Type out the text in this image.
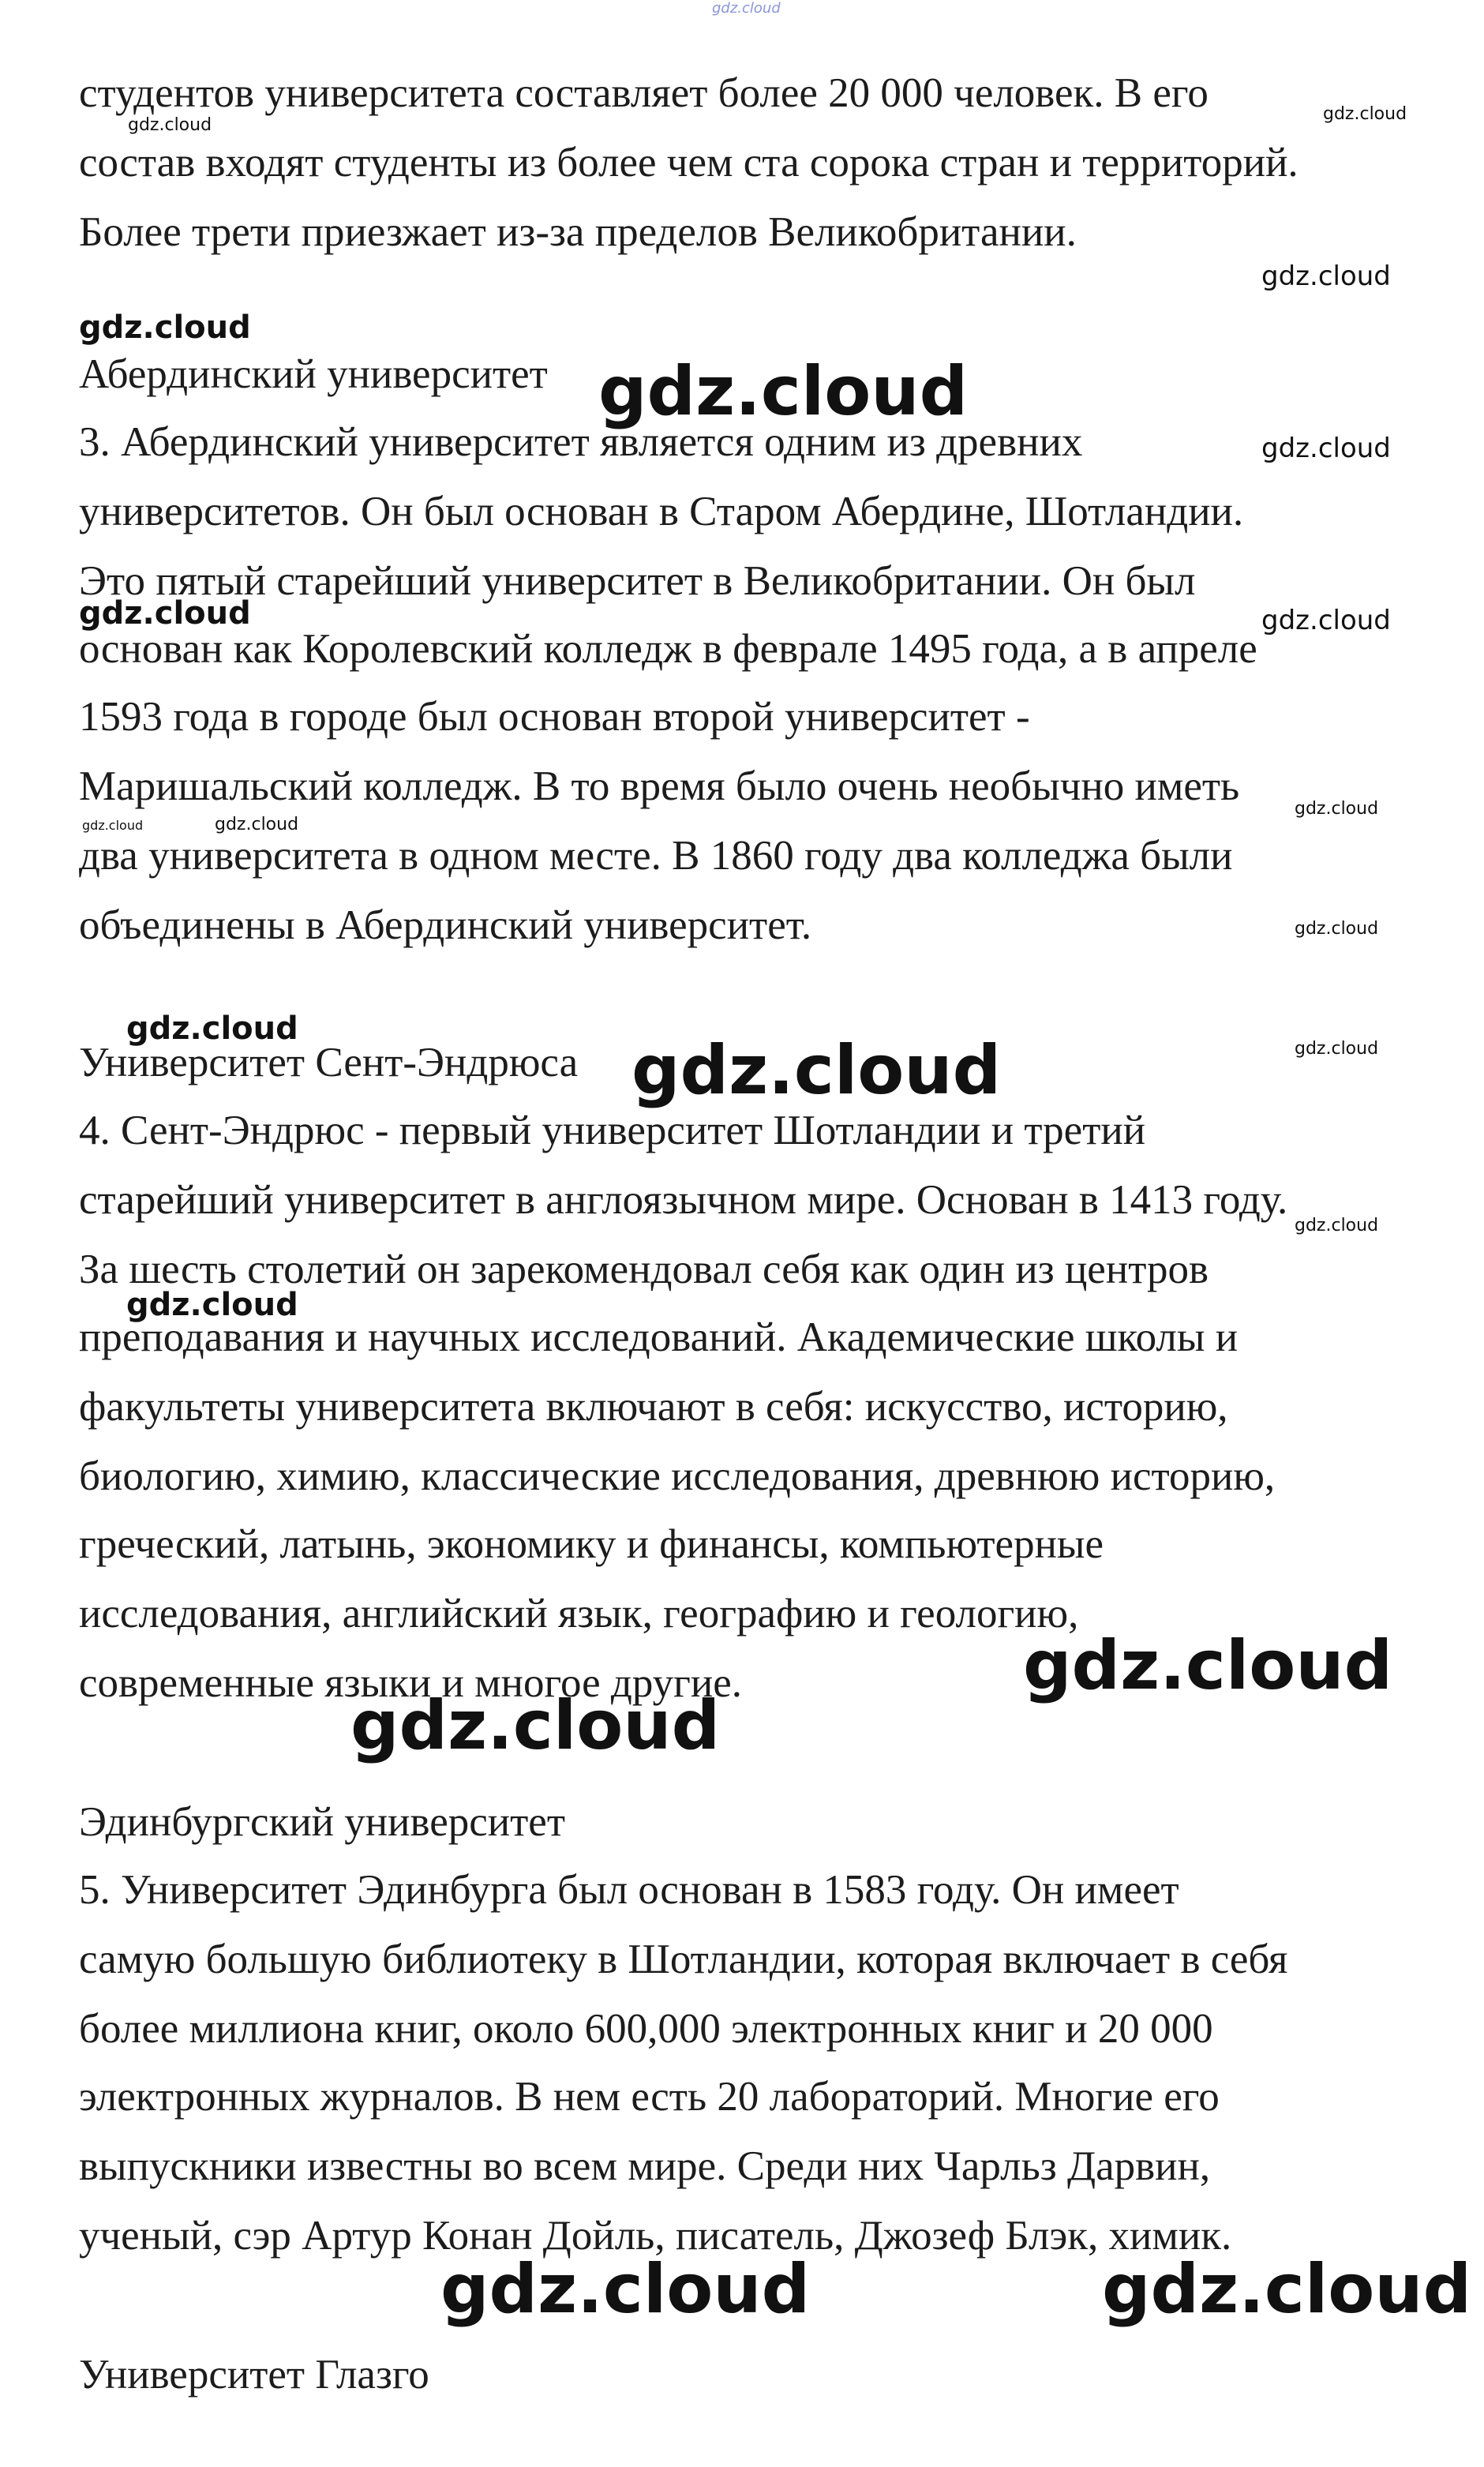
gdz.cloud
студентов университета составляет более 20 000 человек. В его
состав входят студенты из более чем ста сорока стран и территорий.
Более трети приезжает из-за пределов Великобритании.
Абердинский университет
3. Абердинский университет является одним из древних
университетов. Он был основан в Старом Абердине, Шотландии.
Это пятый старейший университет в Великобритании. Он был
основан как Королевский колледж в феврале 1495 года, а в апреле
1593 года в городе был основан второй университет -
Маришальский колледж. В то время было очень необычно иметь
два университета в одном месте. В 1860 году два колледжа были
объединены в Абердинский университет.
Университет Сент-Эндрюса
4. Сент-Эндрюс - первый университет Шотландии и третий
старейший университет в англоязычном мире. Основан в 1413 году.
За шесть столетий он зарекомендовал себя как один из центров
преподавания и научных исследований. Академические школы и
факультеты университета включают в себя: искусство, историю,
биологию, химию, классические исследования, древнюю историю,
греческий, латынь, экономику и финансы, компьютерные
исследования, английский язык, географию и геологию,
современные языки и многое другие.
Эдинбургский университет
5. Университет Эдинбурга был основан в 1583 году. Он имеет
самую большую библиотеку в Шотландии, которая включает в себя
более миллиона книг, около 600,000 электронных книг и 20 000
электронных журналов. В нем есть 20 лабораторий. Многие его
выпускники известны во всем мире. Среди них Чарльз Дарвин,
ученый, сэр Артур Конан Дойль, писатель, Джозеф Блэк, химик.
Университет Глазго
gdz.cloud
gdz.cloud
gdz.cloud
gdz.cloud
gdz.cloud
gdz.cloud
gdz.cloud	gdz.cloud
gdz.cloud
gdz.cloud	gdz.cloud
gdz.cloud
gdz.cloud
gdz.cloud
gdz.cloud
gdz.cloud
gdz.cloud
gdz.cloud
gdz.cloud
gdz.cloud	gdz.cloud
